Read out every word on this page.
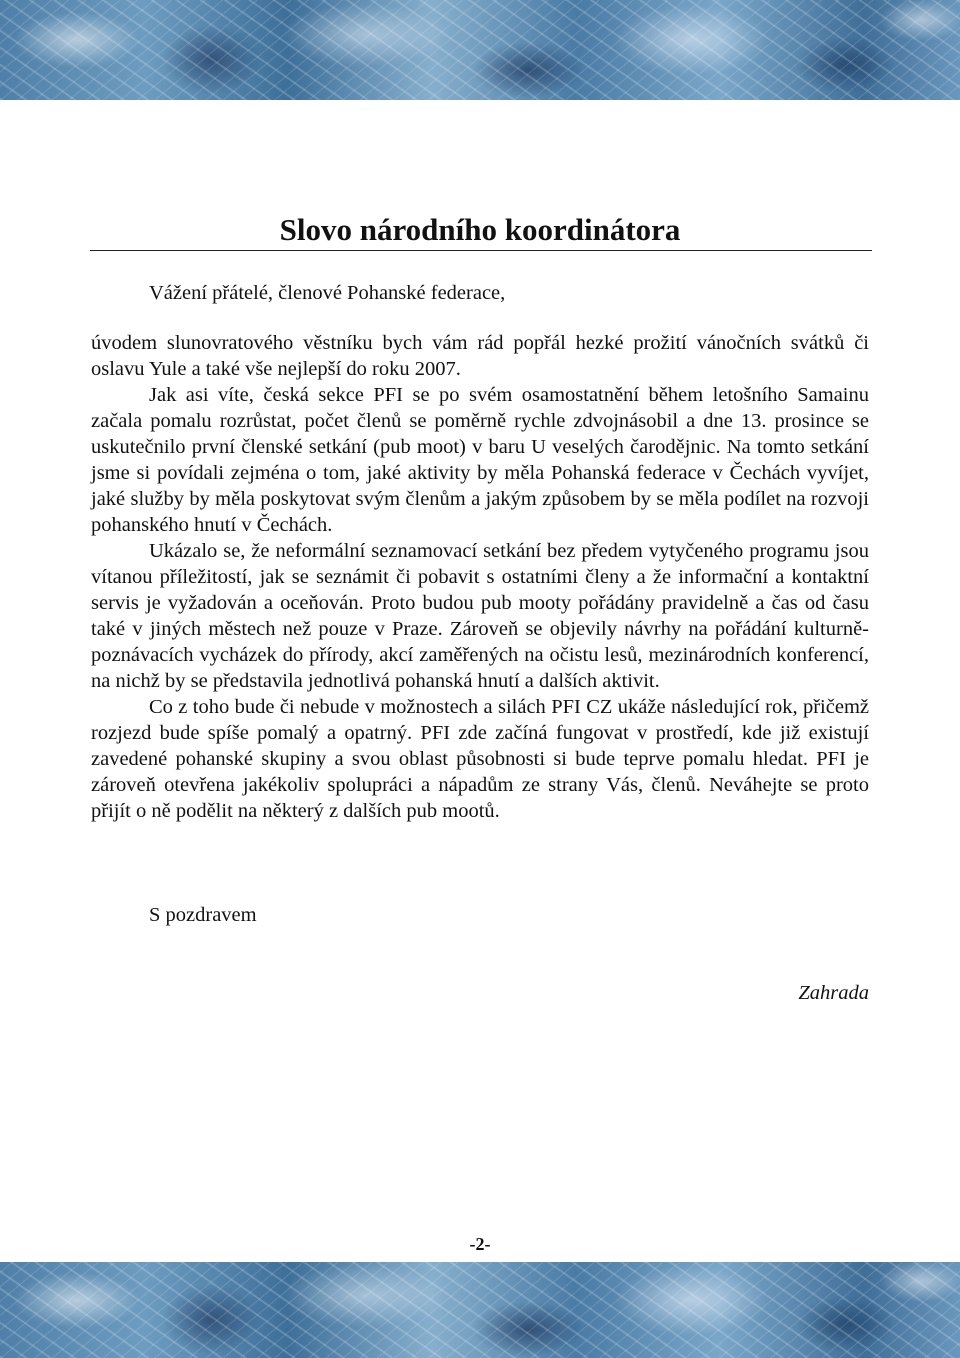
Slovo národního koordinátora

Vážení přátelé, členové Pohanské federace,

úvodem slunovratového věstníku bych vám rád popřál hezké prožití vánočních svátků či oslavu Yule a také vše nejlepší do roku 2007.

Jak asi víte, česká sekce PFI se po svém osamostatnění během letošního Samainu začala pomalu rozrůstat, počet členů se poměrně rychle zdvojnásobil a dne 13. prosince se uskutečnilo první členské setkání (pub moot) v baru U veselých čarodějnic. Na tomto setkání jsme si povídali zejména o tom, jaké aktivity by měla Pohanská federace v Čechách vyvíjet, jaké služby by měla poskytovat svým členům a jakým způsobem by se měla podílet na rozvoji pohanského hnutí v Čechách.

Ukázalo se, že neformální seznamovací setkání bez předem vytyčeného programu jsou vítanou příležitostí, jak se seznámit či pobavit s ostatními členy a že informační a kontaktní servis je vyžadován a oceňován. Proto budou pub mooty pořádány pravidelně a čas od času také v jiných městech než pouze v Praze. Zároveň se objevily návrhy na pořádání kulturně-poznávacích vycházek do přírody, akcí zaměřených na očistu lesů, mezinárodních konferencí, na nichž by se představila jednotlivá pohanská hnutí a dalších aktivit.

Co z toho bude či nebude v možnostech a silách PFI CZ ukáže následující rok, přičemž rozjezd bude spíše pomalý a opatrný. PFI zde začíná fungovat v prostředí, kde již existují zavedené pohanské skupiny a svou oblast působnosti si bude teprve pomalu hledat. PFI je zároveň otevřena jakékoliv spolupráci a nápadům ze strany Vás, členů. Neváhejte se proto přijít o ně podělit na některý z dalších pub mootů.

S pozdravem

Zahrada

-2-
